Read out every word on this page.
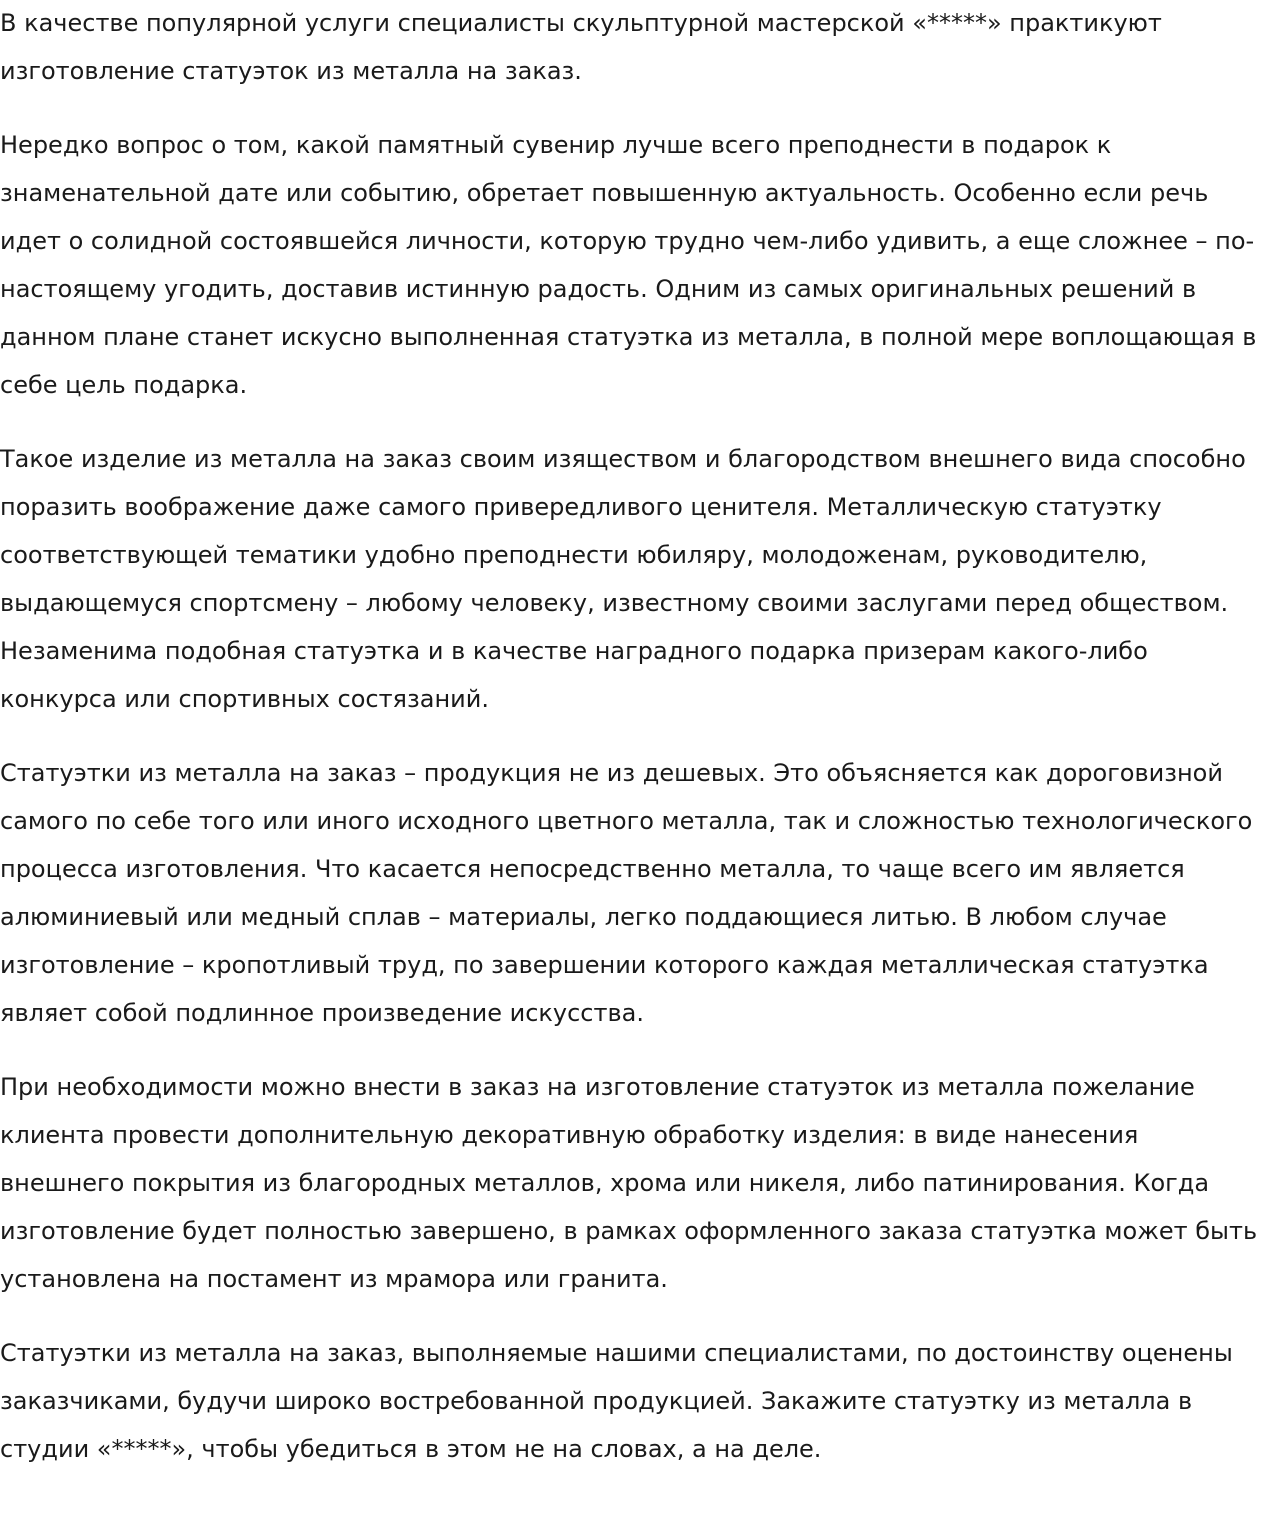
В качестве популярной услуги специалисты скульптурной мастерской «*****» практикуют изготовление статуэток из металла на заказ.

Нередко вопрос о том, какой памятный сувенир лучше всего преподнести в подарок к знаменательной дате или событию, обретает повышенную актуальность. Особенно если речь идет о солидной состоявшейся личности, которую трудно чем-либо удивить, а еще сложнее – по-настоящему угодить, доставив истинную радость. Одним из самых оригинальных решений в данном плане станет искусно выполненная статуэтка из металла, в полной мере воплощающая в себе цель подарка.

Такое изделие из металла на заказ своим изяществом и благородством внешнего вида способно поразить воображение даже самого привередливого ценителя. Металлическую статуэтку соответствующей тематики удобно преподнести юбиляру, молодоженам, руководителю, выдающемуся спортсмену – любому человеку, известному своими заслугами перед обществом. Незаменима подобная статуэтка и в качестве наградного подарка призерам какого-либо конкурса или спортивных состязаний.

Статуэтки из металла на заказ – продукция не из дешевых. Это объясняется как дороговизной самого по себе того или иного исходного цветного металла, так и сложностью технологического процесса изготовления. Что касается непосредственно металла, то чаще всего им является алюминиевый или медный сплав – материалы, легко поддающиеся литью. В любом случае изготовление – кропотливый труд, по завершении которого каждая металлическая статуэтка являет собой подлинное произведение искусства.

При необходимости можно внести в заказ на изготовление статуэток из металла пожелание клиента провести дополнительную декоративную обработку изделия: в виде нанесения внешнего покрытия из благородных металлов, хрома или никеля, либо патинирования. Когда изготовление будет полностью завершено, в рамках оформленного заказа статуэтка может быть установлена на постамент из мрамора или гранита.

Статуэтки из металла на заказ, выполняемые нашими специалистами, по достоинству оценены заказчиками, будучи широко востребованной продукцией. Закажите статуэтку из металла в студии «*****», чтобы убедиться в этом не на словах, а на деле.
